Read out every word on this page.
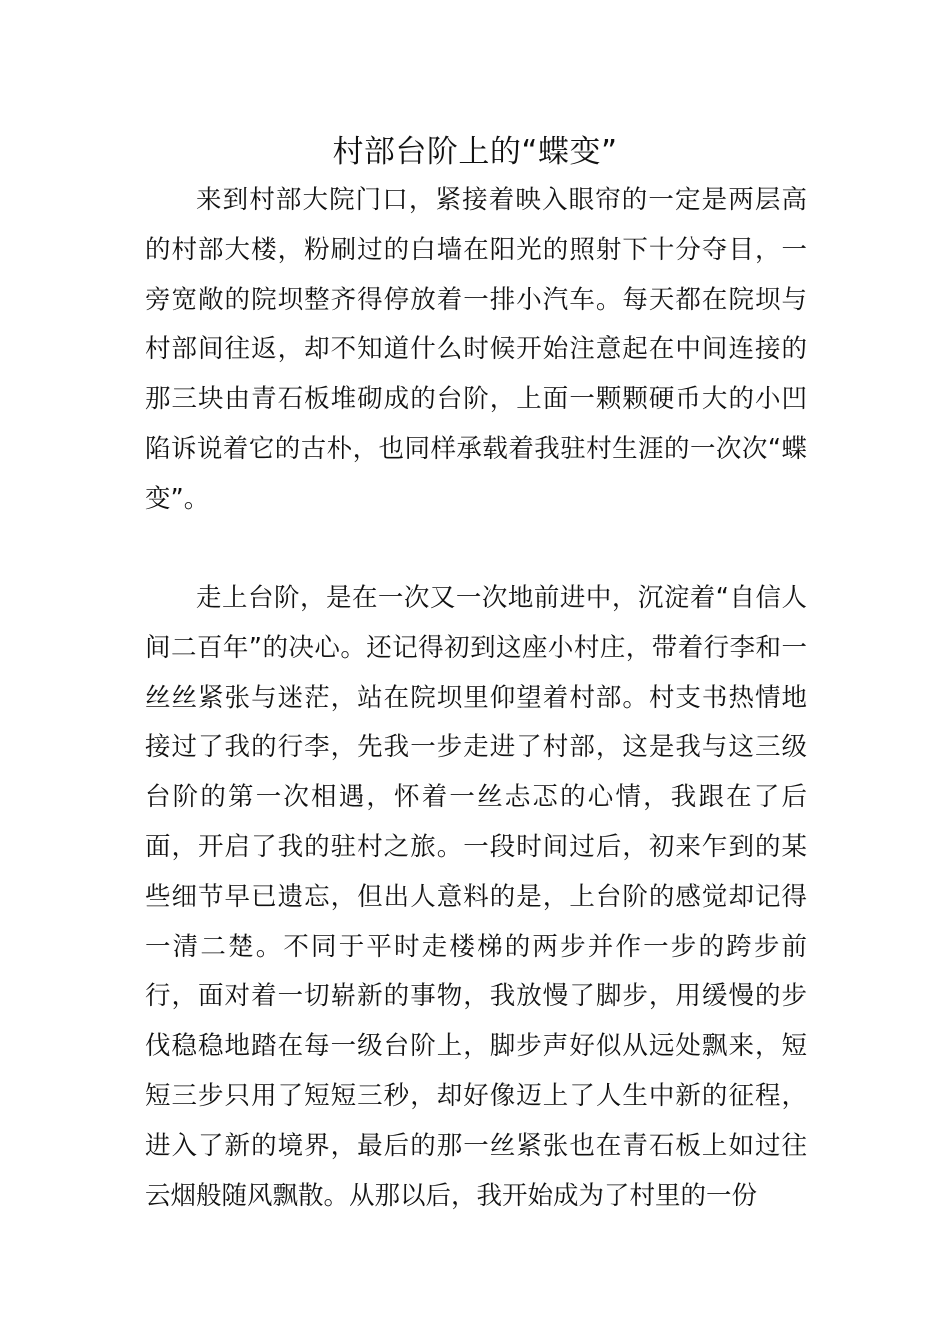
村部台阶上的“蝶变”

来到村部大院门口，紧接着映入眼帘的一定是两层高的村部大楼，粉刷过的白墙在阳光的照射下十分夺目，一旁宽敞的院坝整齐得停放着一排小汽车。每天都在院坝与村部间往返，却不知道什么时候开始注意起在中间连接的那三块由青石板堆砌成的台阶，上面一颗颗硬币大的小凹陷诉说着它的古朴，也同样承载着我驻村生涯的一次次“蝶变”。

走上台阶，是在一次又一次地前进中，沉淀着“自信人间二百年”的决心。还记得初到这座小村庄，带着行李和一丝丝紧张与迷茫，站在院坝里仰望着村部。村支书热情地接过了我的行李，先我一步走进了村部，这是我与这三级台阶的第一次相遇，怀着一丝忐忑的心情，我跟在了后面，开启了我的驻村之旅。一段时间过后，初来乍到的某些细节早已遗忘，但出人意料的是，上台阶的感觉却记得一清二楚。不同于平时走楼梯的两步并作一步的跨步前行，面对着一切崭新的事物，我放慢了脚步，用缓慢的步伐稳稳地踏在每一级台阶上，脚步声好似从远处飘来，短短三步只用了短短三秒，却好像迈上了人生中新的征程，进入了新的境界，最后的那一丝紧张也在青石板上如过往云烟般随风飘散。从那以后，我开始成为了村里的一份
